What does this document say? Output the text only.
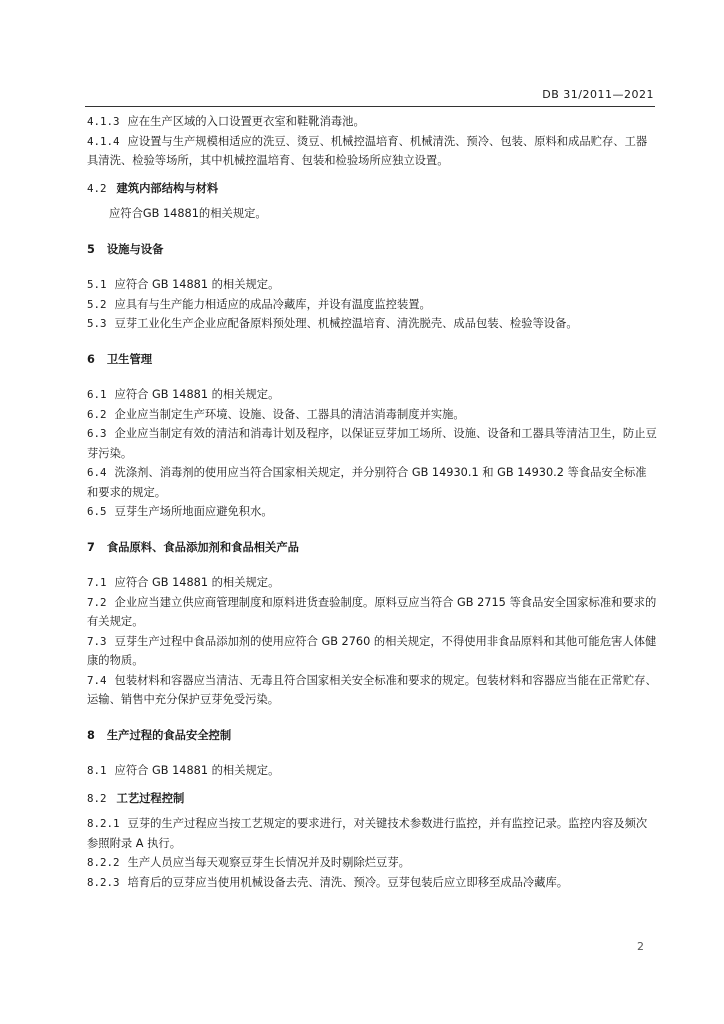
DB 31/2011—2021
4.1.3 应在生产区域的入口设置更衣室和鞋靴消毒池。
4.1.4 应设置与生产规模相适应的洗豆、烫豆、机械控温培育、机械清洗、预冷、包装、原料和成品贮存、工器具清洗、检验等场所，其中机械控温培育、包装和检验场所应独立设置。
4.2 建筑内部结构与材料
应符合GB 14881的相关规定。
5 设施与设备
5.1 应符合 GB 14881 的相关规定。
5.2 应具有与生产能力相适应的成品冷藏库，并设有温度监控装置。
5.3 豆芽工业化生产企业应配备原料预处理、机械控温培育、清洗脱壳、成品包装、检验等设备。
6 卫生管理
6.1 应符合 GB 14881 的相关规定。
6.2 企业应当制定生产环境、设施、设备、工器具的清洁消毒制度并实施。
6.3 企业应当制定有效的清洁和消毒计划及程序，以保证豆芽加工场所、设施、设备和工器具等清洁卫生，防止豆芽污染。
6.4 洗涤剂、消毒剂的使用应当符合国家相关规定，并分别符合 GB 14930.1 和 GB 14930.2 等食品安全标准和要求的规定。
6.5 豆芽生产场所地面应避免积水。
7 食品原料、食品添加剂和食品相关产品
7.1 应符合 GB 14881 的相关规定。
7.2 企业应当建立供应商管理制度和原料进货查验制度。原料豆应当符合 GB 2715 等食品安全国家标准和要求的有关规定。
7.3 豆芽生产过程中食品添加剂的使用应符合 GB 2760 的相关规定，不得使用非食品原料和其他可能危害人体健康的物质。
7.4 包装材料和容器应当清洁、无毒且符合国家相关安全标准和要求的规定。包装材料和容器应当能在正常贮存、运输、销售中充分保护豆芽免受污染。
8 生产过程的食品安全控制
8.1 应符合 GB 14881 的相关规定。
8.2 工艺过程控制
8.2.1 豆芽的生产过程应当按工艺规定的要求进行，对关键技术参数进行监控，并有监控记录。监控内容及频次参照附录 A 执行。
8.2.2 生产人员应当每天观察豆芽生长情况并及时剔除烂豆芽。
8.2.3 培育后的豆芽应当使用机械设备去壳、清洗、预冷。豆芽包装后应立即移至成品冷藏库。
2
